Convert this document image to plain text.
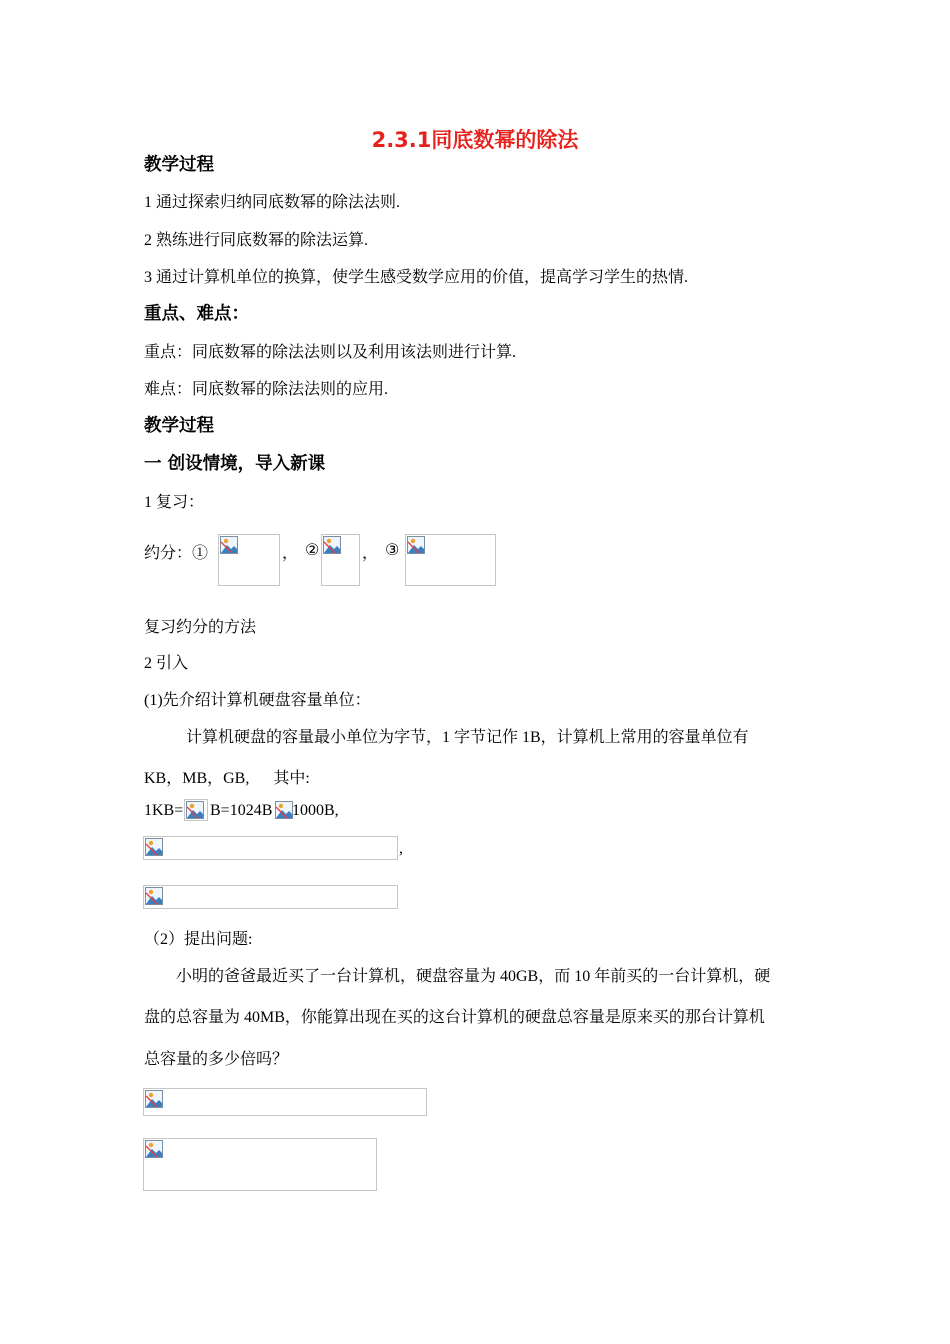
2.3.1同底数幂的除法
教学过程
1 通过探索归纳同底数幂的除法法则.
2 熟练进行同底数幂的除法运算.
3 通过计算机单位的换算，使学生感受数学应用的价值，提高学习学生的热情.
重点、难点：
重点：同底数幂的除法法则以及利用该法则进行计算.
难点：同底数幂的除法法则的应用.
教学过程
一 创设情境，导入新课
1 复习：
约分：①	， ②	， ③
复习约分的方法
2 引入
(1)先介绍计算机硬盘容量单位：
计算机硬盘的容量最小单位为字节，1 字节记作 1B，计算机上常用的容量单位有
KB，MB，GB,      其中:
1KB= B=1024B 1000B,
,
（2）提出问题:
小明的爸爸最近买了一台计算机，硬盘容量为 40GB，而 10 年前买的一台计算机，硬
盘的总容量为 40MB，你能算出现在买的这台计算机的硬盘总容量是原来买的那台计算机
总容量的多少倍吗？
